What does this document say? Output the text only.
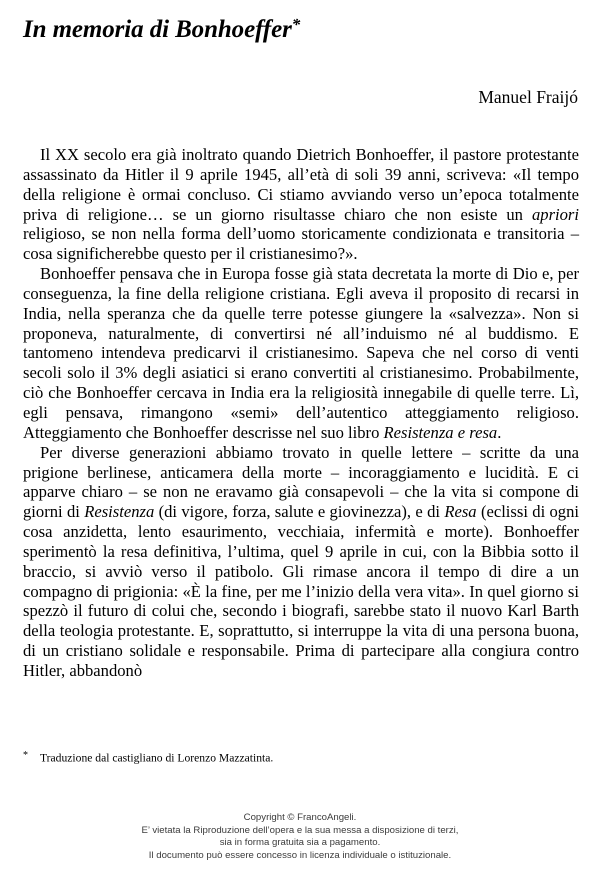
In memoria di Bonhoeffer*
Manuel Fraijó

Il XX secolo era già inoltrato quando Dietrich Bonhoeffer, il pastore protestante assassinato da Hitler il 9 aprile 1945, all’età di soli 39 anni, scriveva: «Il tempo della religione è ormai concluso. Ci stiamo avviando verso un’epoca totalmente priva di religione… se un giorno risultasse chiaro che non esiste un apriori religioso, se non nella forma dell’uomo storicamente condizionata e transitoria – cosa significherebbe questo per il cristianesimo?».

Bonhoeffer pensava che in Europa fosse già stata decretata la morte di Dio e, per conseguenza, la fine della religione cristiana. Egli aveva il proposito di recarsi in India, nella speranza che da quelle terre potesse giungere la «salvezza». Non si proponeva, naturalmente, di convertirsi né all’induismo né al buddismo. E tantomeno intendeva predicarvi il cristianesimo. Sapeva che nel corso di venti secoli solo il 3% degli asiatici si erano convertiti al cristianesimo. Probabilmente, ciò che Bonhoeffer cercava in India era la religiosità innegabile di quelle terre. Lì, egli pensava, rimangono «semi» dell’autentico atteggiamento religioso. Atteggiamento che Bonhoeffer descrisse nel suo libro Resistenza e resa.

Per diverse generazioni abbiamo trovato in quelle lettere – scritte da una prigione berlinese, anticamera della morte – incoraggiamento e lucidità. E ci apparve chiaro – se non ne eravamo già consapevoli – che la vita si compone di giorni di Resistenza (di vigore, forza, salute e giovinezza), e di Resa (eclissi di ogni cosa anzidetta, lento esaurimento, vecchiaia, infermità e morte). Bonhoeffer sperimentò la resa definitiva, l’ultima, quel 9 aprile in cui, con la Bibbia sotto il braccio, si avviò verso il patibolo. Gli rimase ancora il tempo di dire a un compagno di prigionia: «È la fine, per me l’inizio della vera vita». In quel giorno si spezzò il futuro di colui che, secondo i biografi, sarebbe stato il nuovo Karl Barth della teologia protestante. E, soprattutto, si interruppe la vita di una persona buona, di un cristiano solidale e responsabile. Prima di partecipare alla congiura contro Hitler, abbandonò

* Traduzione dal castigliano di Lorenzo Mazzatinta.

Copyright © FrancoAngeli.

E’ vietata la Riproduzione dell’opera e la sua messa a disposizione di terzi,

sia in forma gratuita sia a pagamento.

Il documento può essere concesso in licenza individuale o istituzionale.
